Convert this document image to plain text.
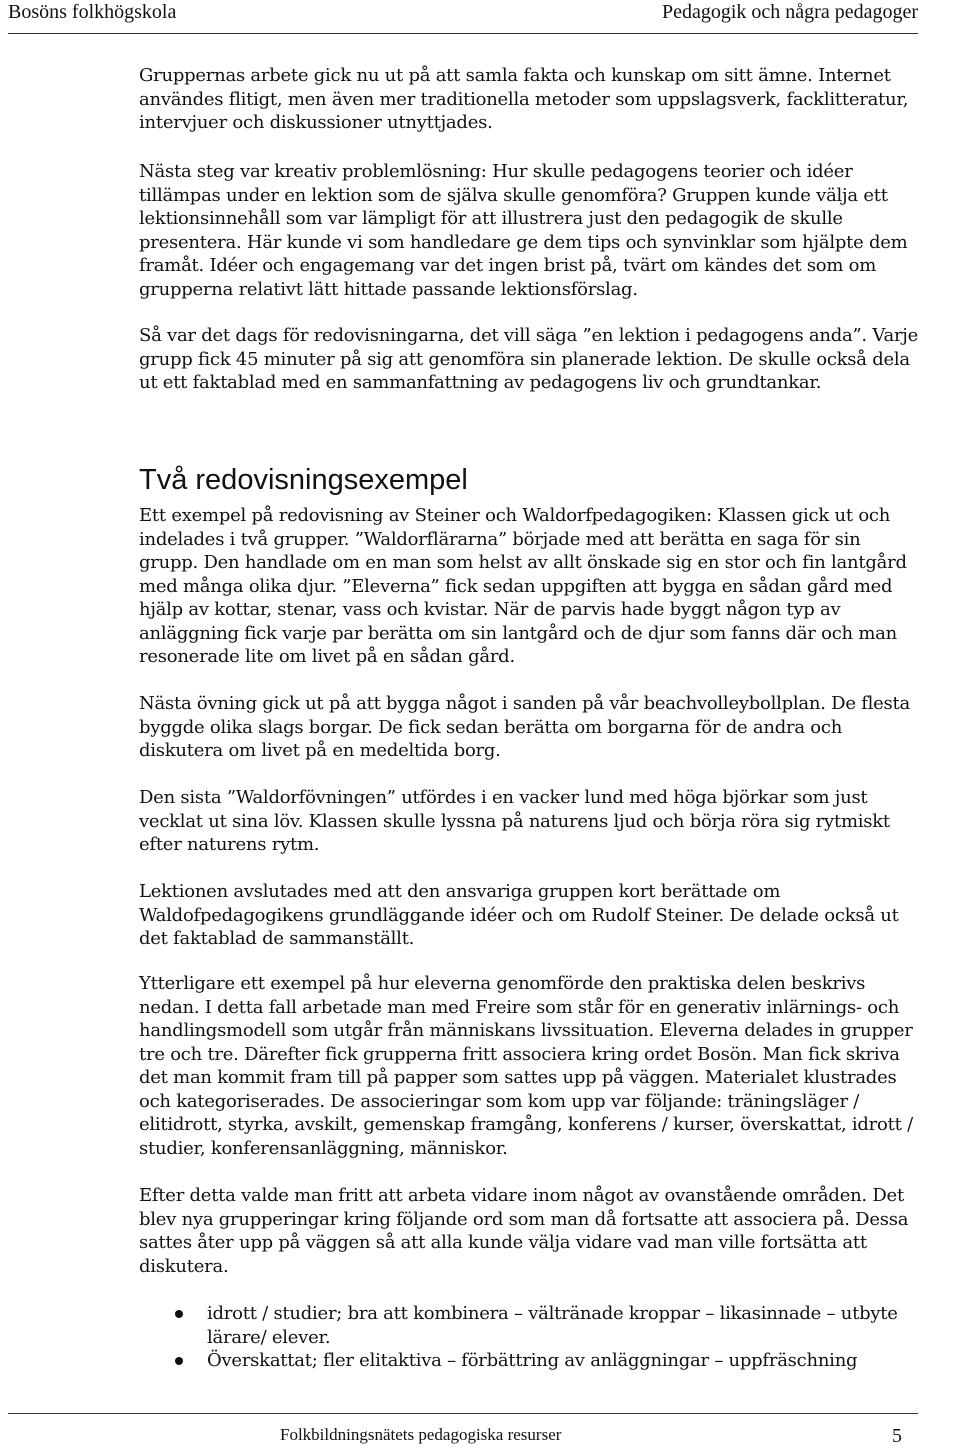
Bosöns folkhögskola	Pedagogik och några pedagoger

Gruppernas arbete gick nu ut på att samla fakta och kunskap om sitt ämne. Internet användes flitigt, men även mer traditionella metoder som uppslagsverk, facklitteratur, intervjuer och diskussioner utnyttjades.

Nästa steg var kreativ problemlösning: Hur skulle pedagogens teorier och idéer tillämpas under en lektion som de själva skulle genomföra? Gruppen kunde välja ett lektionsinnehåll som var lämpligt för att illustrera just den pedagogik de skulle presentera. Här kunde vi som handledare ge dem tips och synvinklar som hjälpte dem framåt. Idéer och engagemang var det ingen brist på, tvärt om kändes det som om grupperna relativt lätt hittade passande lektionsförslag.

Så var det dags för redovisningarna, det vill säga ”en lektion i pedagogens anda”. Varje grupp fick 45 minuter på sig att genomföra sin planerade lektion. De skulle också dela ut ett faktablad med en sammanfattning av pedagogens liv och grundtankar.

Två redovisningsexempel

Ett exempel på redovisning av Steiner och Waldorfpedagogiken: Klassen gick ut och indelades i två grupper. ”Waldorflärarna” började med att berätta en saga för sin grupp. Den handlade om en man som helst av allt önskade sig en stor och fin lantgård med många olika djur. ”Eleverna” fick sedan uppgiften att bygga en sådan gård med hjälp av kottar, stenar, vass och kvistar. När de parvis hade byggt någon typ av anläggning fick varje par berätta om sin lantgård och de djur som fanns där och man resonerade lite om livet på en sådan gård.

Nästa övning gick ut på att bygga något i sanden på vår beachvolleybollplan. De flesta byggde olika slags borgar. De fick sedan berätta om borgarna för de andra och diskutera om livet på en medeltida borg.

Den sista ”Waldorfövningen” utfördes i en vacker lund med höga björkar som just vecklat ut sina löv. Klassen skulle lyssna på naturens ljud och börja röra sig rytmiskt efter naturens rytm.

Lektionen avslutades med att den ansvariga gruppen kort berättade om Waldofpedagogikens grundläggande idéer och om Rudolf Steiner. De delade också ut det faktablad de sammanställt.

Ytterligare ett exempel på hur eleverna genomförde den praktiska delen beskrivs nedan. I detta fall arbetade man med Freire som står för en generativ inlärnings- och handlingsmodell som utgår från människans livssituation. Eleverna delades in grupper tre och tre. Därefter fick grupperna fritt associera kring ordet Bosön. Man fick skriva det man kommit fram till på papper som sattes upp på väggen. Materialet klustrades och kategoriserades. De associeringar som kom upp var följande: träningsläger / elitidrott, styrka, avskilt, gemenskap framgång, konferens / kurser, överskattat, idrott / studier, konferensanläggning, människor.

Efter detta valde man fritt att arbeta vidare inom något av ovanstående områden. Det blev nya grupperingar kring följande ord som man då fortsatte att associera på. Dessa sattes åter upp på väggen så att alla kunde välja vidare vad man ville fortsätta att diskutera.

idrott / studier; bra att kombinera – vältränade kroppar – likasinnade – utbyte lärare/ elever.
Överskattat; fler elitaktiva – förbättring av anläggningar – uppfräschning
Folkbildningsnätets pedagogiska resurser	5
